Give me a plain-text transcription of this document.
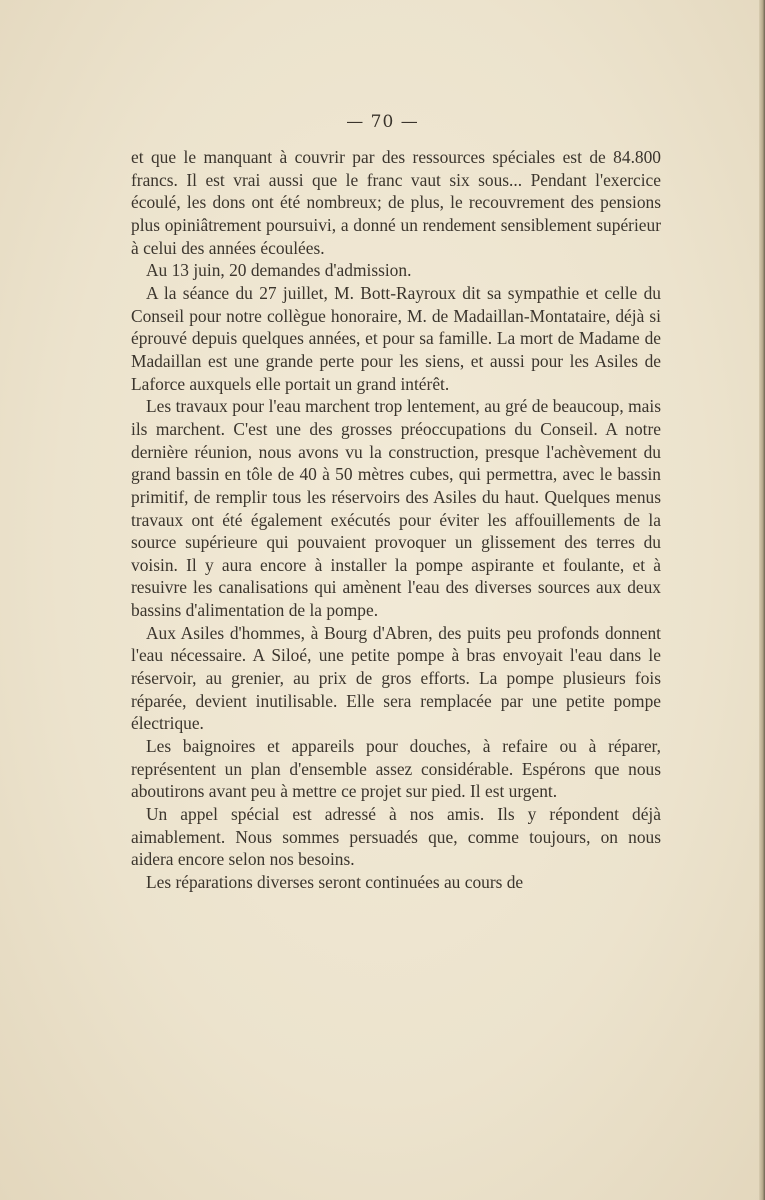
— 70 —

et que le manquant à couvrir par des ressources spéciales est de 84.800 francs. Il est vrai aussi que le franc vaut six sous... Pendant l'exercice écoulé, les dons ont été nombreux; de plus, le recouvrement des pensions plus opiniâtrement poursuivi, a donné un rendement sensiblement supérieur à celui des années écoulées.

Au 13 juin, 20 demandes d'admission.

A la séance du 27 juillet, M. Bott-Rayroux dit sa sympathie et celle du Conseil pour notre collègue honoraire, M. de Madaillan-Montataire, déjà si éprouvé depuis quelques années, et pour sa famille. La mort de Madame de Madaillan est une grande perte pour les siens, et aussi pour les Asiles de Laforce auxquels elle portait un grand intérêt.

Les travaux pour l'eau marchent trop lentement, au gré de beaucoup, mais ils marchent. C'est une des grosses préoccupations du Conseil. A notre dernière réunion, nous avons vu la construction, presque l'achèvement du grand bassin en tôle de 40 à 50 mètres cubes, qui permettra, avec le bassin primitif, de remplir tous les réservoirs des Asiles du haut. Quelques menus travaux ont été également exécutés pour éviter les affouillements de la source supérieure qui pouvaient provoquer un glissement des terres du voisin. Il y aura encore à installer la pompe aspirante et foulante, et à resuivre les canalisations qui amènent l'eau des diverses sources aux deux bassins d'alimentation de la pompe.

Aux Asiles d'hommes, à Bourg d'Abren, des puits peu profonds donnent l'eau nécessaire. A Siloé, une petite pompe à bras envoyait l'eau dans le réservoir, au grenier, au prix de gros efforts. La pompe plusieurs fois réparée, devient inutilisable. Elle sera remplacée par une petite pompe électrique.

Les baignoires et appareils pour douches, à refaire ou à réparer, représentent un plan d'ensemble assez considérable. Espérons que nous aboutirons avant peu à mettre ce projet sur pied. Il est urgent.

Un appel spécial est adressé à nos amis. Ils y répondent déjà aimablement. Nous sommes persuadés que, comme toujours, on nous aidera encore selon nos besoins.

Les réparations diverses seront continuées au cours de
